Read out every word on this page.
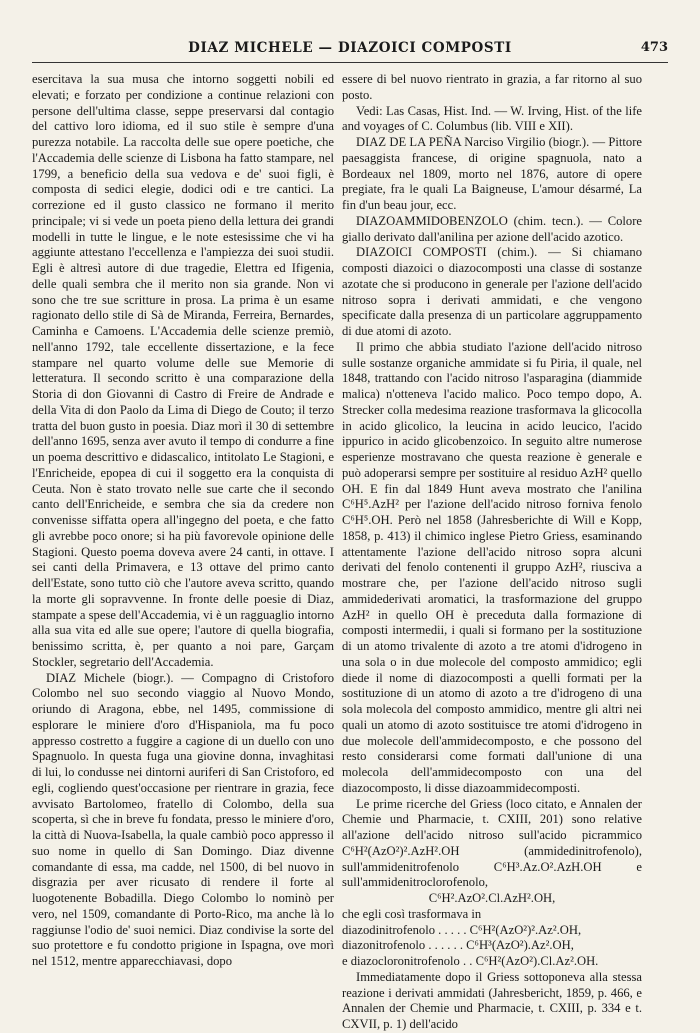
DIAZ MICHELE — DIAZOICI COMPOSTI	473

esercitava la sua musa che intorno soggetti nobili ed elevati; e forzato per condizione a continue relazioni con persone dell'ultima classe, seppe preservarsi dal contagio del cattivo loro idioma, ed il suo stile è sempre d'una purezza notabile. La raccolta delle sue opere poetiche, che l'Accademia delle scienze di Lisbona ha fatto stampare, nel 1799, a beneficio della sua vedova e de' suoi figli, è composta di sedici elegie, dodici odi e tre cantici. La correzione ed il gusto classico ne formano il merito principale; vi si vede un poeta pieno della lettura dei grandi modelli in tutte le lingue, e le note estesissime che vi ha aggiunte attestano l'eccellenza e l'ampiezza dei suoi studii. Egli è altresì autore di due tragedie, Elettra ed Ifigenia, delle quali sembra che il merito non sia grande. Non vi sono che tre sue scritture in prosa. La prima è un esame ragionato dello stile di Sà de Miranda, Ferreira, Bernardes, Caminha e Camoens. L'Accademia delle scienze premiò, nell'anno 1792, tale eccellente dissertazione, e la fece stampare nel quarto volume delle sue Memorie di letteratura. Il secondo scritto è una comparazione della Storia di don Giovanni di Castro di Freire de Andrade e della Vita di don Paolo da Lima di Diego de Couto; il terzo tratta del buon gusto in poesia. Diaz morì il 30 di settembre dell'anno 1695, senza aver avuto il tempo di condurre a fine un poema descrittivo e didascalico, intitolato Le Stagioni, e l'Enricheide, epopea di cui il soggetto era la conquista di Ceuta. Non è stato trovato nelle sue carte che il secondo canto dell'Enricheide, e sembra che sia da credere non convenisse siffatta opera all'ingegno del poeta, e che fatto gli avrebbe poco onore; si ha più favorevole opinione delle Stagioni. Questo poema doveva avere 24 canti, in ottave. I sei canti della Primavera, e 13 ottave del primo canto dell'Estate, sono tutto ciò che l'autore aveva scritto, quando la morte gli sopravvenne. In fronte delle poesie di Diaz, stampate a spese dell'Accademia, vi è un ragguaglio intorno alla sua vita ed alle sue opere; l'autore di quella biografia, benissimo scritta, è, per quanto a noi pare, Garçam Stockler, segretario dell'Accademia.

DIAZ Michele (biogr.). — Compagno di Cristoforo Colombo nel suo secondo viaggio al Nuovo Mondo, oriundo di Aragona, ebbe, nel 1495, commissione di esplorare le miniere d'oro d'Hispaniola, ma fu poco appresso costretto a fuggire a cagione di un duello con uno Spagnuolo. In questa fuga una giovine donna, invaghitasi di lui, lo condusse nei dintorni auriferi di San Cristoforo, ed egli, cogliendo quest'occasione per rientrare in grazia, fece avvisato Bartolomeo, fratello di Colombo, della sua scoperta, sì che in breve fu fondata, presso le miniere d'oro, la città di Nuova-Isabella, la quale cambiò poco appresso il suo nome in quello di San Domingo. Diaz divenne comandante di essa, ma cadde, nel 1500, di bel nuovo in disgrazia per aver ricusato di rendere il forte al luogotenente Bobadilla. Diego Colombo lo nominò per vero, nel 1509, comandante di Porto-Rico, ma anche là lo raggiunse l'odio de' suoi nemici. Diaz condivise la sorte del suo protettore e fu condotto prigione in Ispagna, ove morì nel 1512, mentre apparecchiavasi, dopo

essere di bel nuovo rientrato in grazia, a far ritorno al suo posto.

Vedi: Las Casas, Hist. Ind. — W. Irving, Hist. of the life and voyages of C. Columbus (lib. VIII e XII).

DIAZ DE LA PEÑA Narciso Virgilio (biogr.). — Pittore paesaggista francese, di origine spagnuola, nato a Bordeaux nel 1809, morto nel 1876, autore di opere pregiate, fra le quali La Baigneuse, L'amour désarmé, La fin d'un beau jour, ecc.

DIAZOAMMIDOBENZOLO (chim. tecn.). — Colore giallo derivato dall'anilina per azione dell'acido azotico.

DIAZOICI COMPOSTI (chim.). — Si chiamano composti diazoici o diazocomposti una classe di sostanze azotate che si producono in generale per l'azione dell'acido nitroso sopra i derivati ammidati, e che vengono specificate dalla presenza di un particolare aggruppamento di due atomi di azoto.

Il primo che abbia studiato l'azione dell'acido nitroso sulle sostanze organiche ammidate si fu Piria, il quale, nel 1848, trattando con l'acido nitroso l'asparagina (diammide malica) n'otteneva l'acido malico. Poco tempo dopo, A. Strecker colla medesima reazione trasformava la glicocolla in acido glicolico, la leucina in acido leucico, l'acido ippurico in acido glicobenzoico. In seguito altre numerose esperienze mostravano che questa reazione è generale e può adoperarsi sempre per sostituire al residuo AzH² quello OH. E fin dal 1849 Hunt aveva mostrato che l'anilina C⁶H⁵.AzH² per l'azione dell'acido nitroso forniva fenolo C⁶H⁵.OH. Però nel 1858 (Jahresberichte di Will e Kopp, 1858, p. 413) il chimico inglese Pietro Griess, esaminando attentamente l'azione dell'acido nitroso sopra alcuni derivati del fenolo contenenti il gruppo AzH², riusciva a mostrare che, per l'azione dell'acido nitroso sugli ammidederivati aromatici, la trasformazione del gruppo AzH² in quello OH è preceduta dalla formazione di composti intermedii, i quali si formano per la sostituzione di un atomo trivalente di azoto a tre atomi d'idrogeno in una sola o in due molecole del composto ammidico; egli diede il nome di diazocomposti a quelli formati per la sostituzione di un atomo di azoto a tre d'idrogeno di una sola molecola del composto ammidico, mentre gli altri nei quali un atomo di azoto sostituisce tre atomi d'idrogeno in due molecole dell'ammidecomposto, e che possono del resto considerarsi come formati dall'unione di una molecola dell'ammidecomposto con una del diazocomposto, li disse diazoammidecomposti.

Le prime ricerche del Griess (loco citato, e Annalen der Chemie und Pharmacie, t. CXIII, 201) sono relative all'azione dell'acido nitroso sull'acido picrammico C⁶H²(AzO²)².AzH².OH (ammidedinitrofenolo), sull'ammidenitrofenolo C⁶H³.Az.O².AzH.OH e sull'ammidenitroclorofenolo,

C⁶H².AzO².Cl.AzH².OH,

che egli così trasformava in

diazodinitrofenolo . . . . . C⁶H²(AzO²)².Az².OH,

diazonitrofenolo . . . . . . C⁶H³(AzO²).Az².OH,

e diazocloronitrofenolo . . C⁶H²(AzO²).Cl.Az².OH.

Immediatamente dopo il Griess sottoponeva alla stessa reazione i derivati ammidati (Jahresbericht, 1859, p. 466, e Annalen der Chemie und Pharmacie, t. CXIII, p. 334 e t. CXVII, p. 1) dell'acido
